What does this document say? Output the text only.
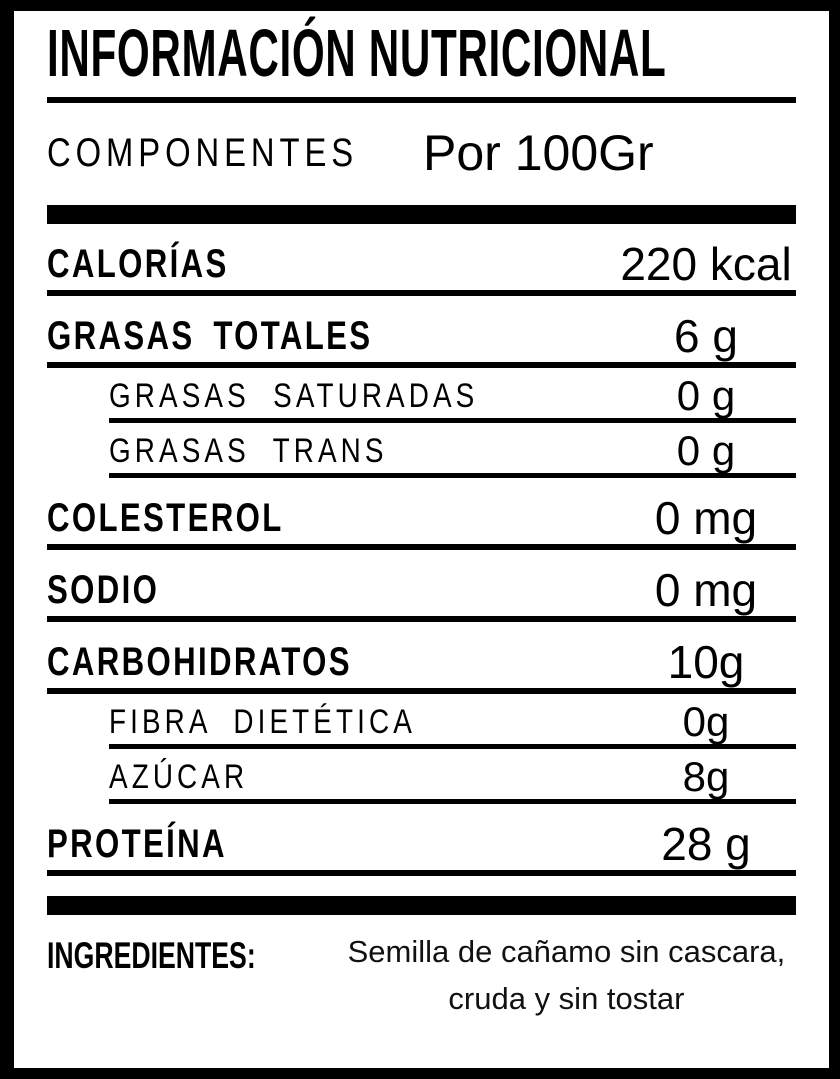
INFORMACIÓN NUTRICIONAL
COMPONENTES Por 100Gr
CALORÍAS	220 kcal
GRASAS TOTALES	6 g
GRASAS SATURADAS	0 g
GRASAS TRANS	0 g
COLESTEROL	0 mg
SODIO	0 mg
CARBOHIDRATOS	10g
FIBRA DIETÉTICA	0g
AZÚCAR	8g
PROTEÍNA	28 g
INGREDIENTES:	Semilla de cañamo sin cascara,
cruda y sin tostar
